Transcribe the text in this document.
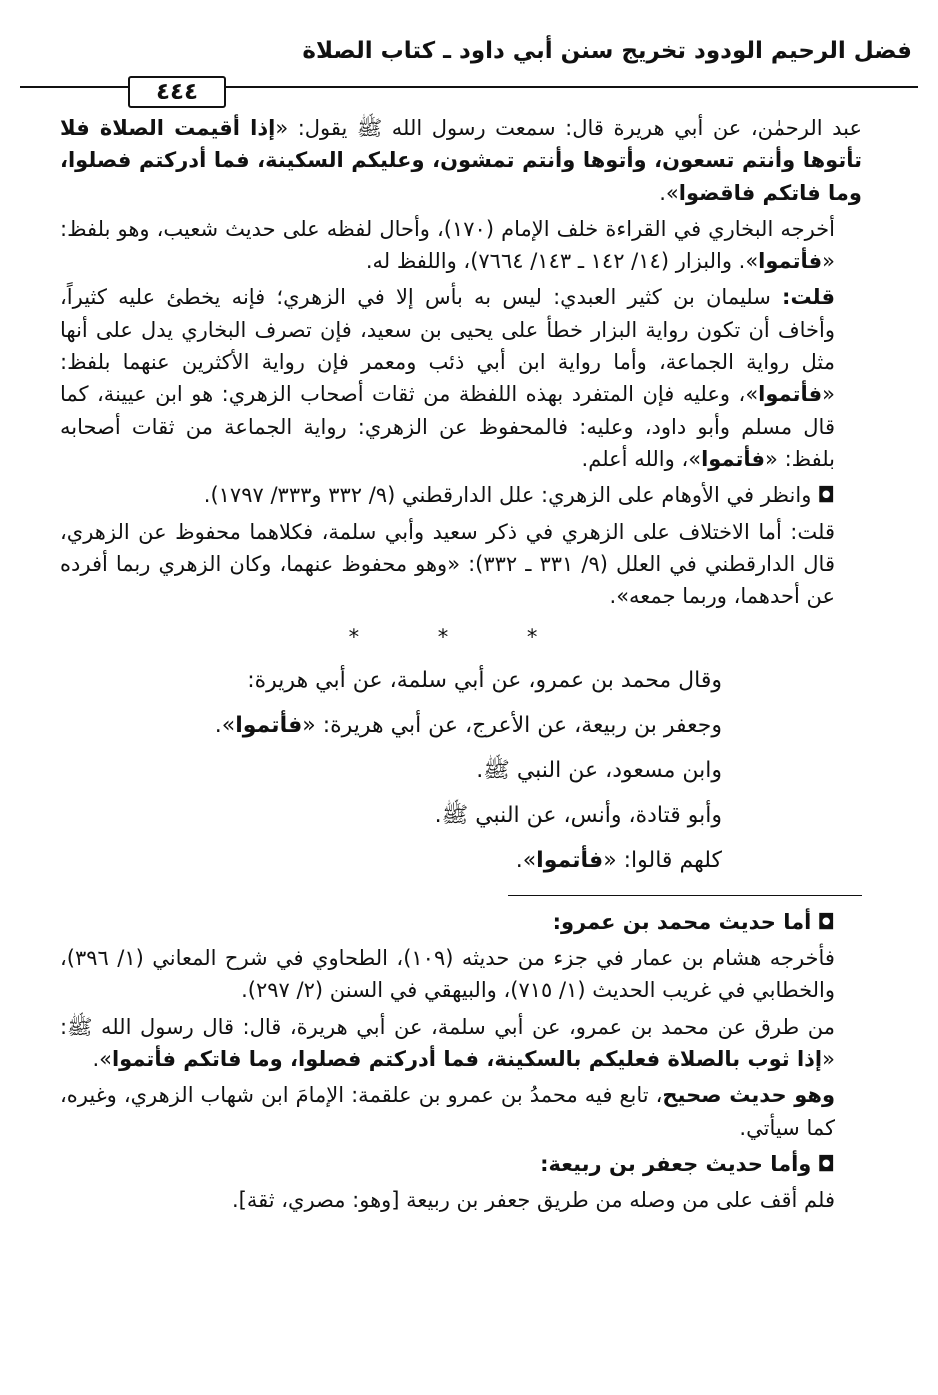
فضل الرحيم الودود تخريج سنن أبي داود ـ كتاب الصلاة
٤٤٤

عبد الرحمٰن، عن أبي هريرة قال: سمعت رسول الله ﷺ يقول: «إذا أقيمت الصلاة فلا تأتوها وأنتم تسعون، وأتوها وأنتم تمشون، وعليكم السكينة، فما أدركتم فصلوا، وما فاتكم فاقضوا».

أخرجه البخاري في القراءة خلف الإمام (١٧٠)، وأحال لفظه على حديث شعيب، وهو بلفظ: «فأتموا». والبزار (١٤/ ١٤٢ ـ ١٤٣/ ٧٦٦٤)، واللفظ له.

قلت: سليمان بن كثير العبدي: ليس به بأس إلا في الزهري؛ فإنه يخطئ عليه كثيراً، وأخاف أن تكون رواية البزار خطأ على يحيى بن سعيد، فإن تصرف البخاري يدل على أنها مثل رواية الجماعة، وأما رواية ابن أبي ذئب ومعمر فإن رواية الأكثرين عنهما بلفظ: «فأتموا»، وعليه فإن المتفرد بهذه اللفظة من ثقات أصحاب الزهري: هو ابن عيينة، كما قال مسلم وأبو داود، وعليه: فالمحفوظ عن الزهري: رواية الجماعة من ثقات أصحابه بلفظ: «فأتموا»، والله أعلم.

◘وانظر في الأوهام على الزهري: علل الدارقطني (٩/ ٣٣٢ و٣٣٣/ ١٧٩٧).

قلت: أما الاختلاف على الزهري في ذكر سعيد وأبي سلمة، فكلاهما محفوظ عن الزهري، قال الدارقطني في العلل (٩/ ٣٣١ ـ ٣٣٢): «وهو محفوظ عنهما، وكان الزهري ربما أفرده عن أحدهما، وربما جمعه».

* * *

وقال محمد بن عمرو، عن أبي سلمة، عن أبي هريرة:

وجعفر بن ربيعة، عن الأعرج، عن أبي هريرة: «فأتموا».

وابن مسعود، عن النبي ﷺ.

وأبو قتادة، وأنس، عن النبي ﷺ.

كلهم قالوا: «فأتموا».

◘أما حديث محمد بن عمرو:

فأخرجه هشام بن عمار في جزء من حديثه (١٠٩)، الطحاوي في شرح المعاني (١/ ٣٩٦)، والخطابي في غريب الحديث (١/ ٧١٥)، والبيهقي في السنن (٢/ ٢٩٧).

من طرق عن محمد بن عمرو، عن أبي سلمة، عن أبي هريرة، قال: قال رسول الله ﷺ: «إذا ثوب بالصلاة فعليكم بالسكينة، فما أدركتم فصلوا، وما فاتكم فأتموا».

وهو حديث صحيح، تابع فيه محمدُ بن عمرو بن علقمة: الإمامَ ابن شهاب الزهري، وغيره، كما سيأتي.

◘وأما حديث جعفر بن ربيعة:

فلم أقف على من وصله من طريق جعفر بن ربيعة [وهو: مصري، ثقة].
